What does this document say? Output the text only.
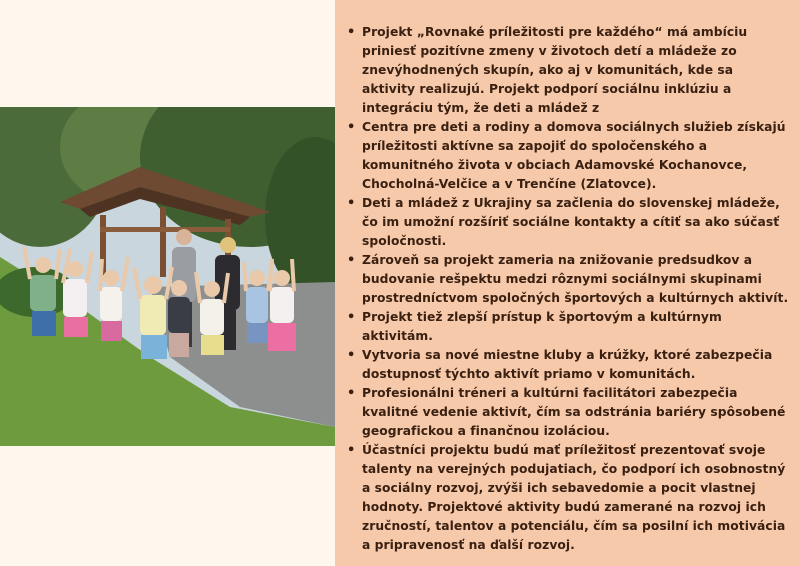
• Projekt „Rovnaké príležitosti pre každého“ má ambíciu priniesť pozitívne zmeny v životoch detí a mládeže zo znevýhodnených skupín, ako aj v komunitách, kde sa aktivity realizujú. Projekt podporí sociálnu inklúziu a integráciu tým, že deti a mládež z
• Centra pre deti a rodiny a domova sociálnych služieb získajú príležitosti aktívne sa zapojiť do spoločenského a komunitného života v obciach Adamovské Kochanovce, Chocholná-Velčice a v Trenčíne (Zlatovce).
• Deti a mládež z Ukrajiny sa začlenia do slovenskej mládeže, čo im umožní rozšíriť sociálne kontakty a cítiť sa ako súčasť spoločnosti.
• Zároveň sa projekt zameria na znižovanie predsudkov a budovanie rešpektu medzi rôznymi sociálnymi skupinami prostredníctvom spoločných športových a kultúrnych aktivít.
• Projekt tiež zlepší prístup k športovým a kultúrnym aktivitám.
• Vytvoria sa nové miestne kluby a krúžky, ktoré zabezpečia dostupnosť týchto aktivít priamo v komunitách.
• Profesionálni tréneri a kultúrni facilitátori zabezpečia kvalitné vedenie aktivít, čím sa odstránia bariéry spôsobené geografickou a finančnou izoláciou.
• Účastníci projektu budú mať príležitosť prezentovať svoje talenty na verejných podujatiach, čo podporí ich osobnostný a sociálny rozvoj, zvýši ich sebavedomie a pocit vlastnej hodnoty. Projektové aktivity budú zamerané na rozvoj ich zručností, talentov a potenciálu, čím sa posilní ich motivácia a pripravenosť na ďalší rozvoj.
